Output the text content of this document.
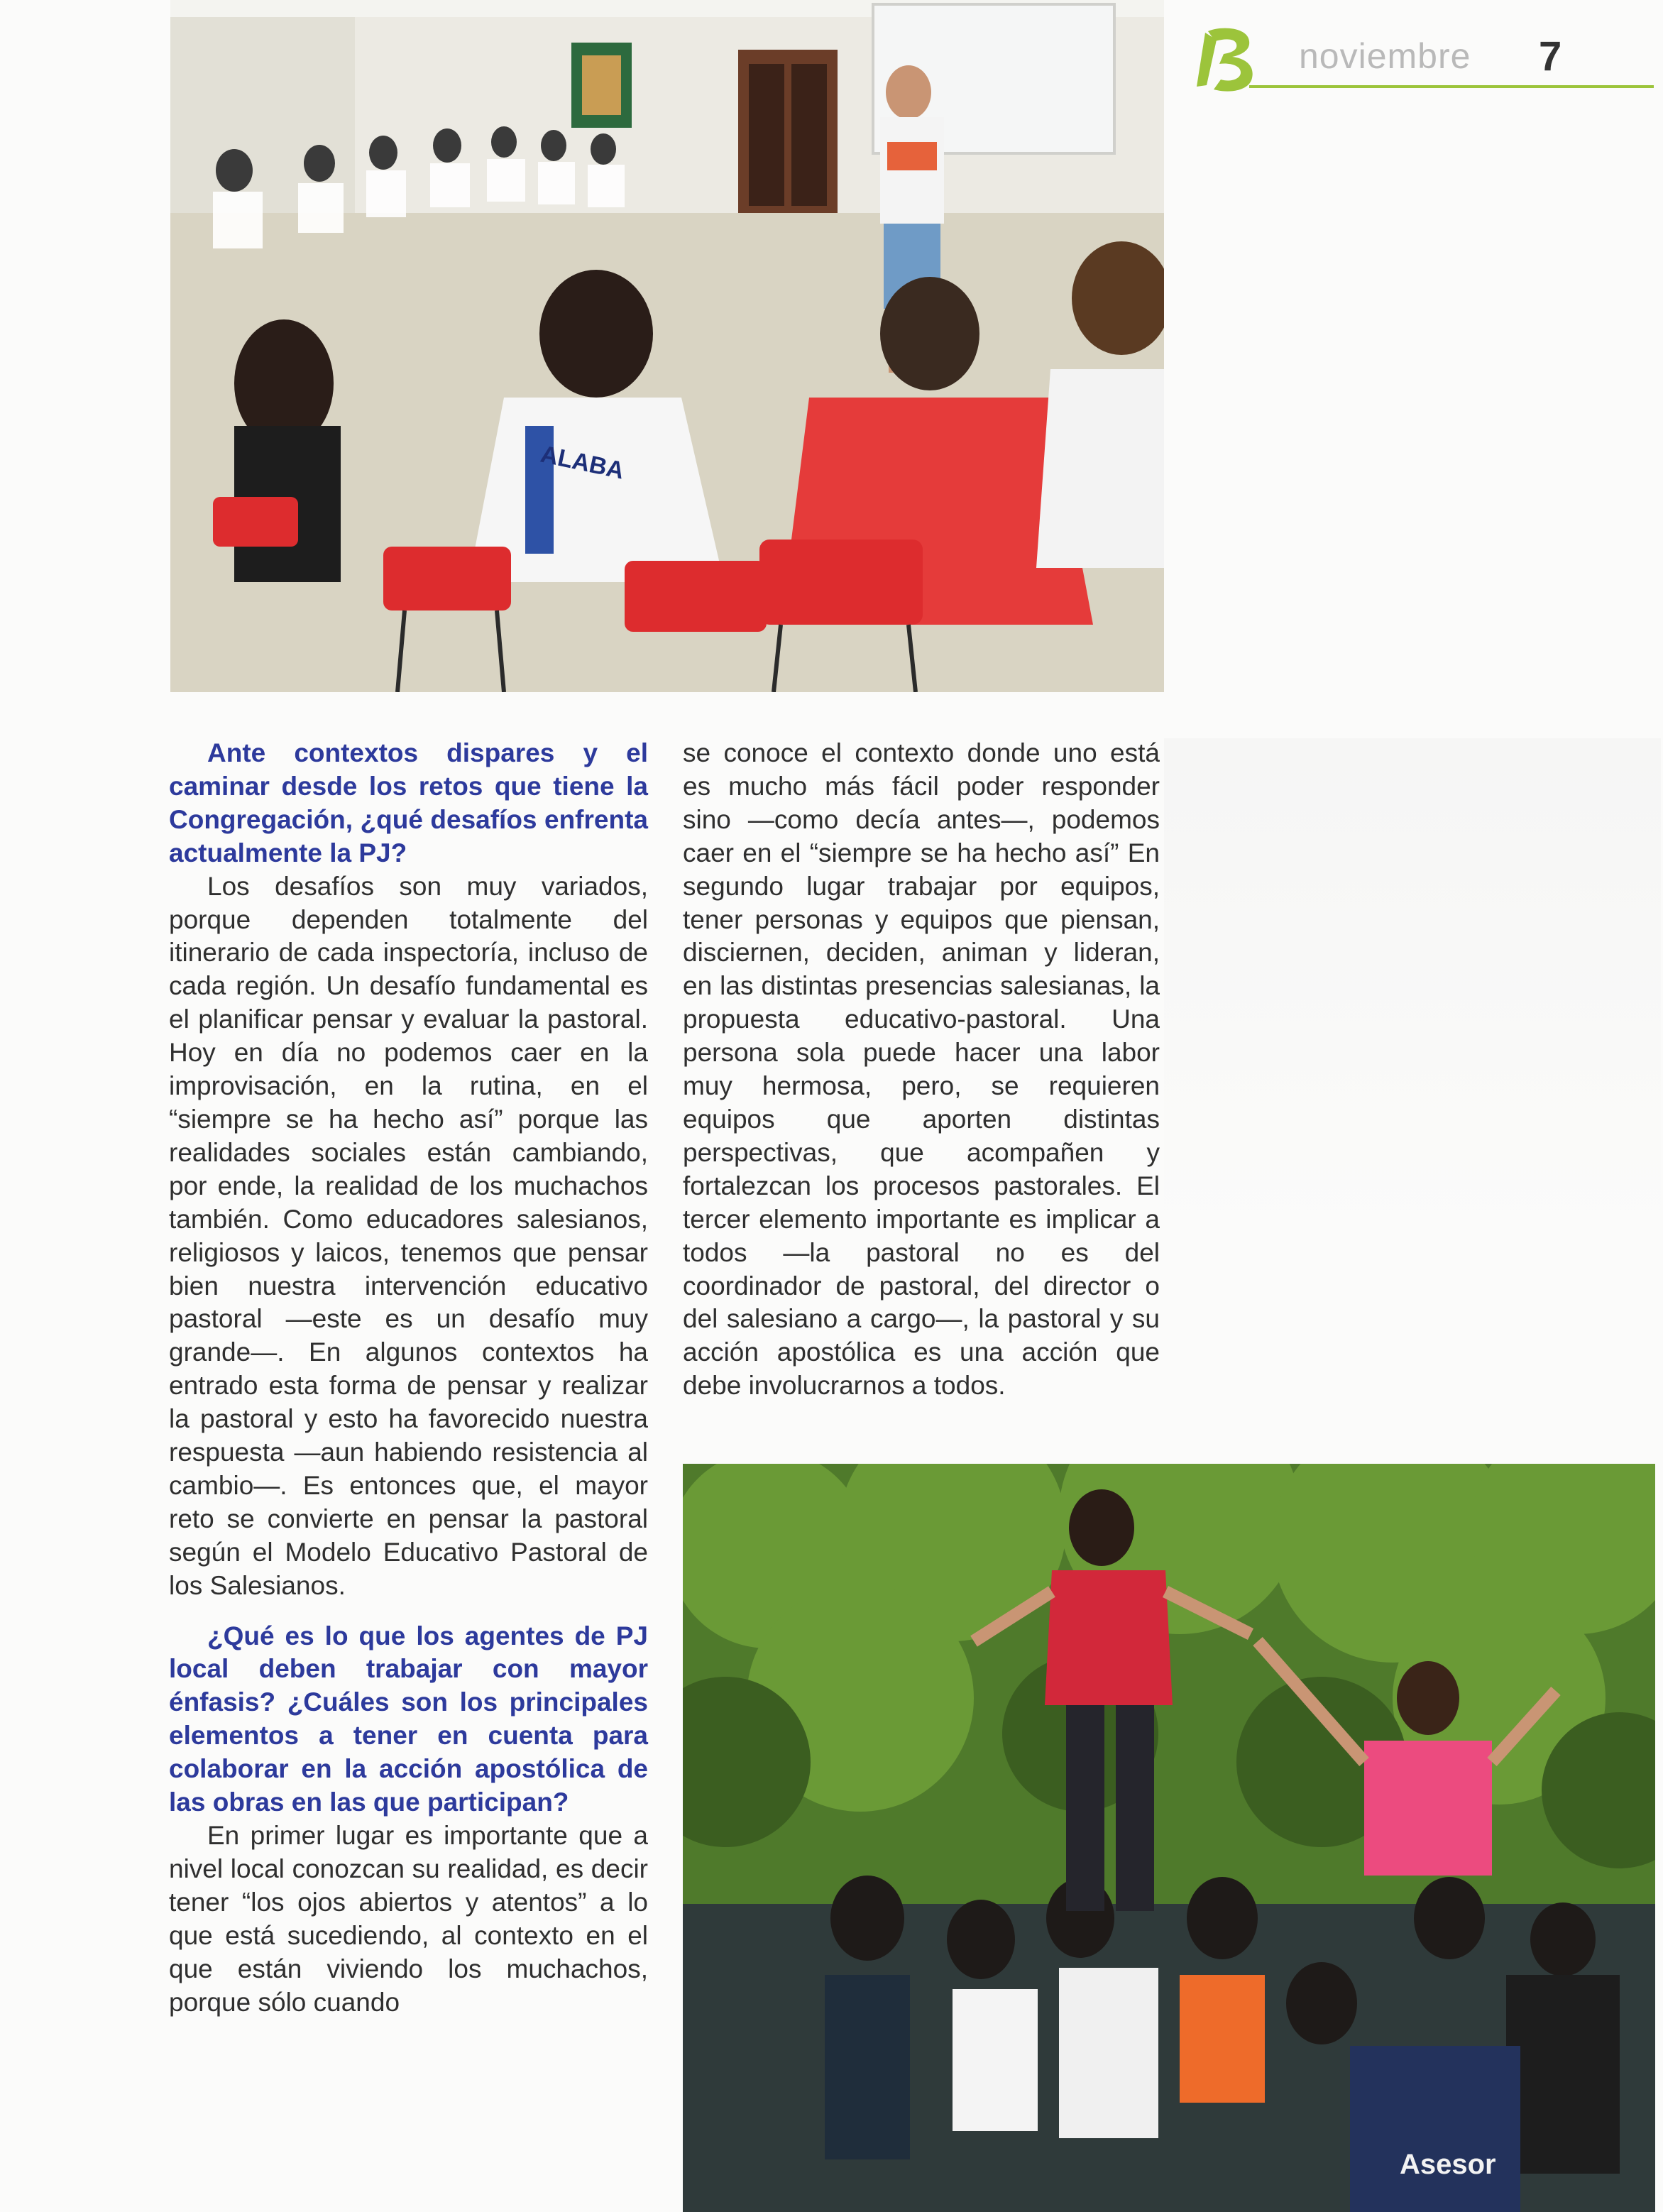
noviembre 7
ALABA

Ante contextos dispares y el caminar desde los retos que tiene la Congregación, ¿qué desafíos enfrenta actualmente la PJ?

Los desafíos son muy variados, porque dependen totalmente del itinerario de cada inspectoría, incluso de cada región. Un desafío fundamental es el planificar pensar y evaluar la pastoral. Hoy en día no podemos caer en la improvisación, en la rutina, en el “siempre se ha hecho así” porque las realidades sociales están cambiando, por ende, la realidad de los muchachos también. Como educadores salesianos, religiosos y laicos, tenemos que pensar bien nuestra intervención educativo pastoral —este es un desafío muy grande—. En algunos contextos ha entrado esta forma de pensar y realizar la pastoral y esto ha favorecido nuestra respuesta —aun habiendo resistencia al cambio—. Es entonces que, el mayor reto se convierte en pensar la pastoral según el Modelo Educativo Pastoral de los Salesianos.

¿Qué es lo que los agentes de PJ local deben trabajar con mayor énfasis? ¿Cuáles son los principales elementos a tener en cuenta para colaborar en la acción apostólica de las obras en las que participan?

En primer lugar es importante que a nivel local conozcan su realidad, es decir tener “los ojos abiertos y atentos” a lo que está sucediendo, al contexto en el que están viviendo los muchachos, porque sólo cuando

se conoce el contexto donde uno está es mucho más fácil poder responder sino —como decía antes—, podemos caer en el “siempre se ha hecho así” En segundo lugar trabajar por equipos, tener personas y equipos que piensan, disciernen, deciden, animan y lideran, en las distintas presencias salesianas, la propuesta educativo-pastoral. Una persona sola puede hacer una labor muy hermosa, pero, se requieren equipos que aporten distintas perspectivas, que acompañen y fortalezcan los procesos pastorales. El tercer elemento importante es implicar a todos —la pastoral no es del coordinador de pastoral, del director o del salesiano a cargo—, la pastoral y su acción apostólica es una acción que debe involucrarnos a todos.

Asesor
